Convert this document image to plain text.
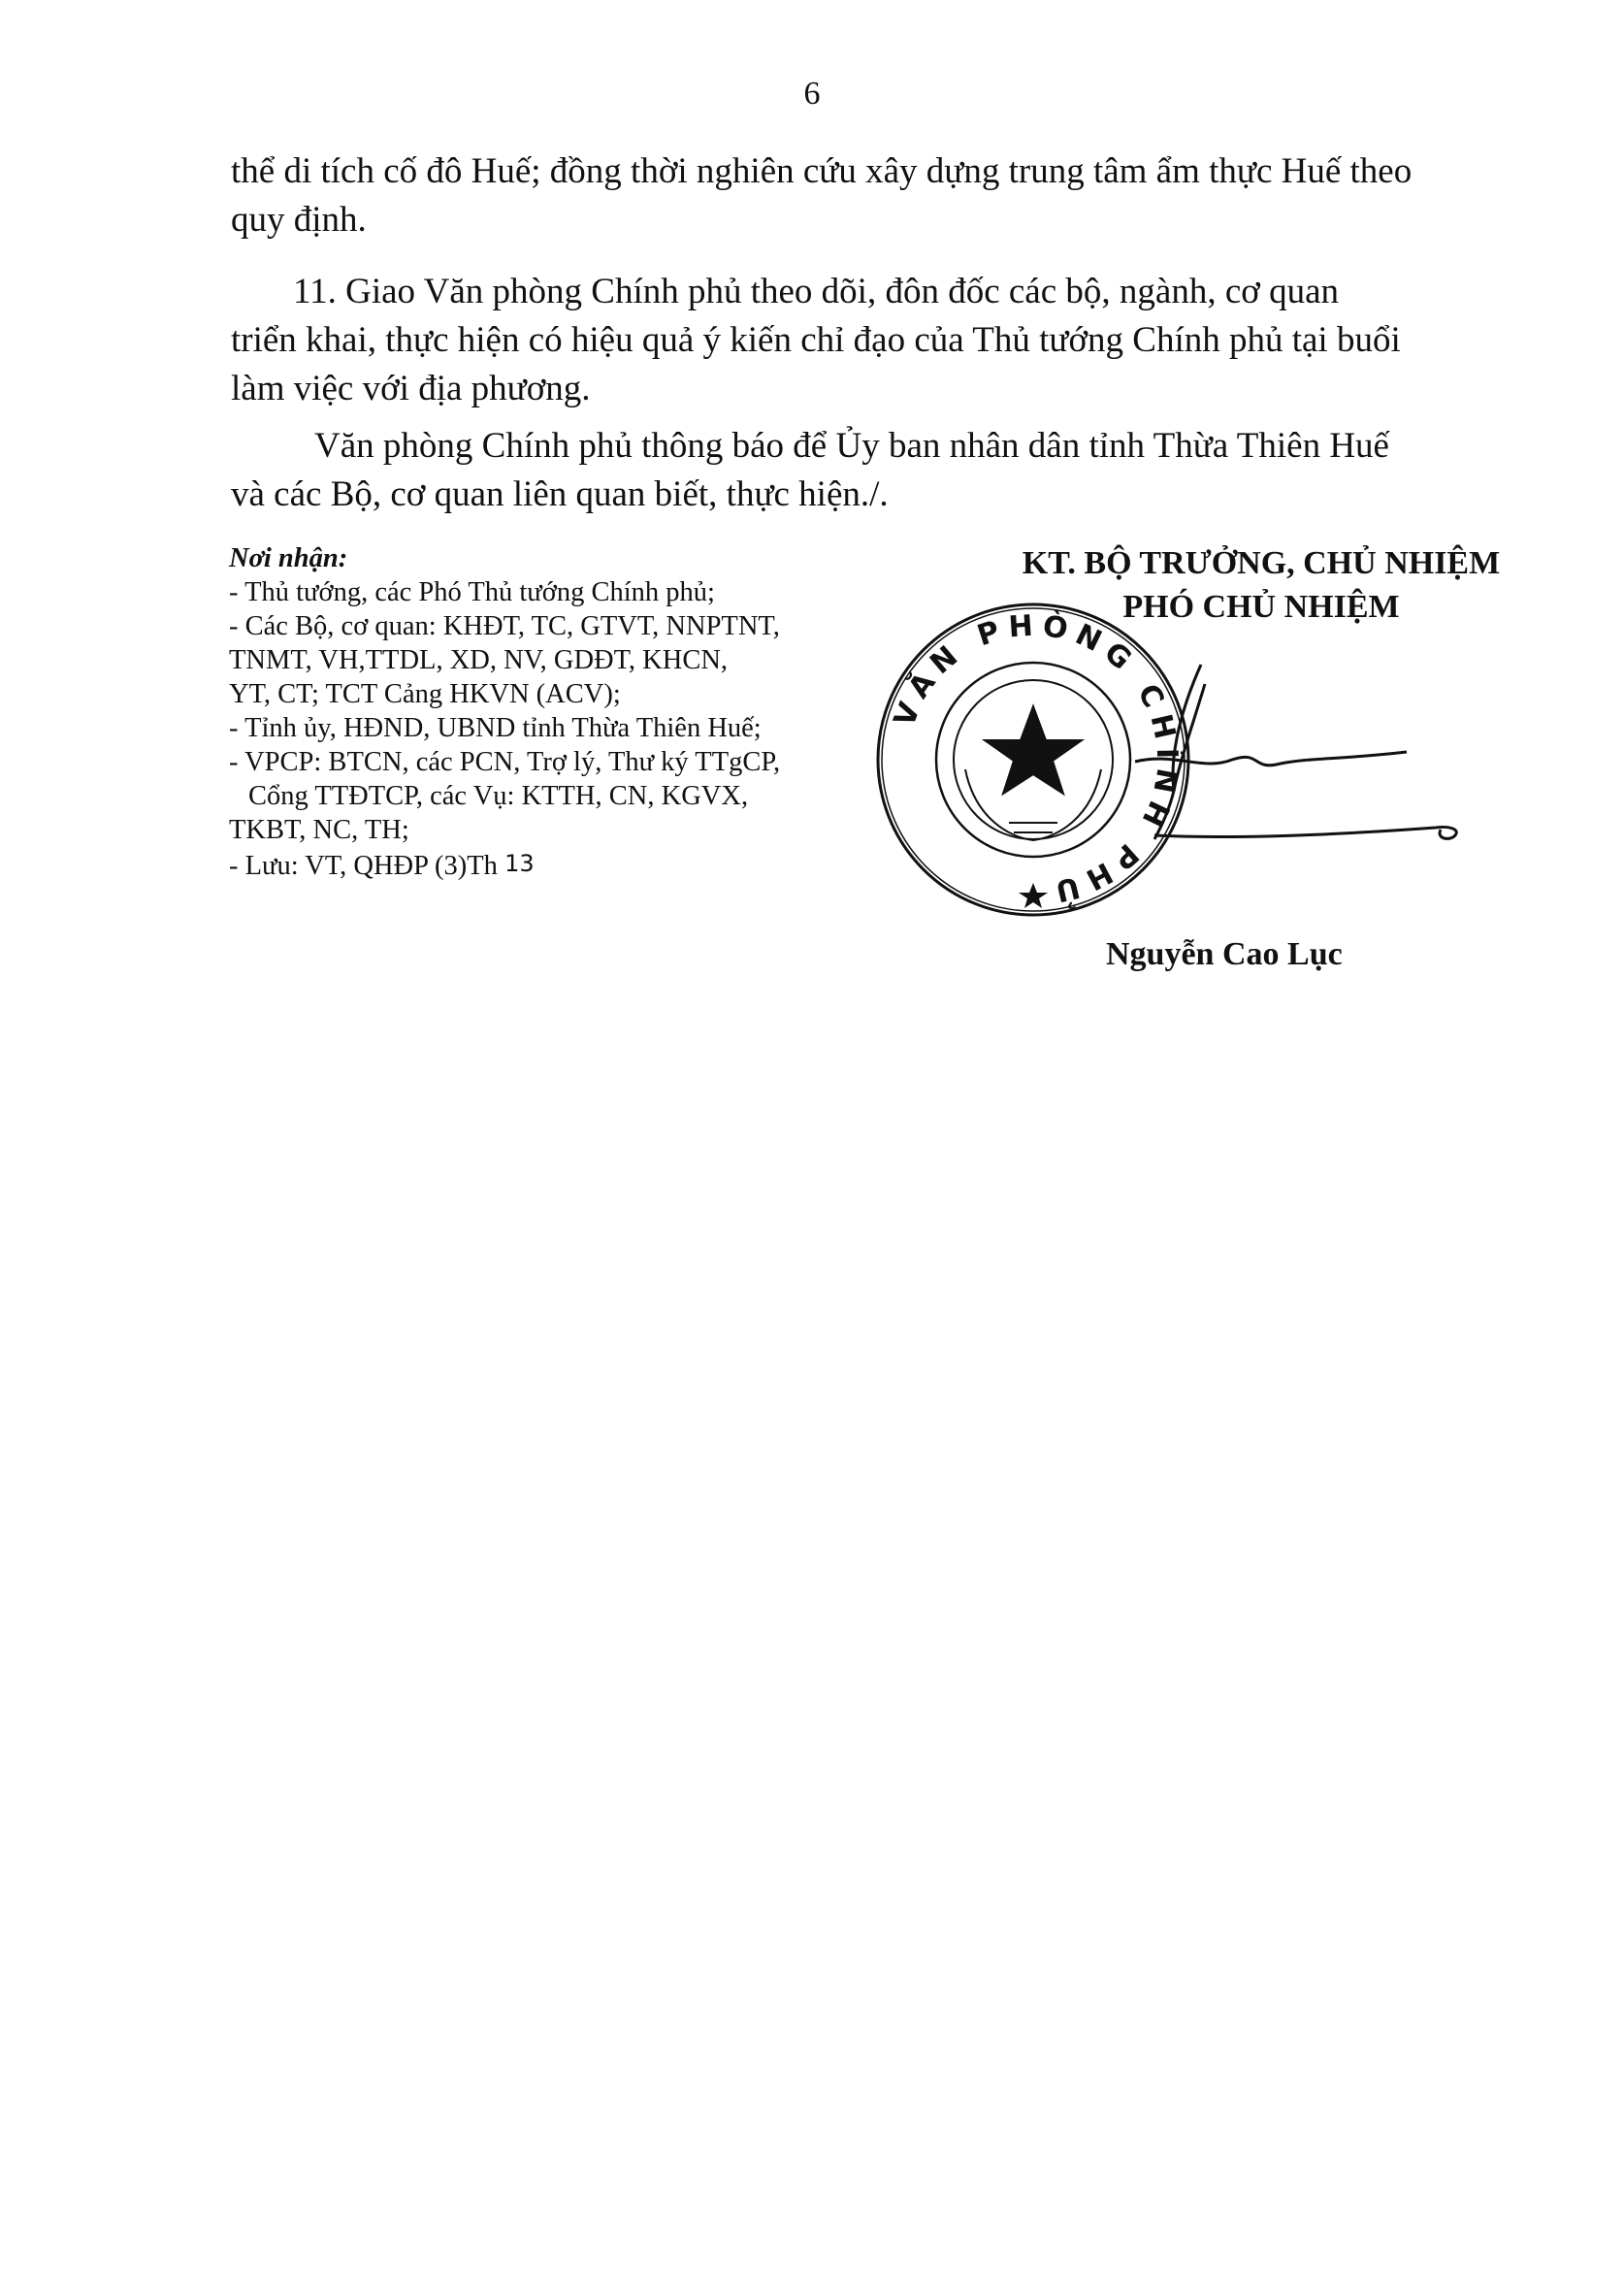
6

thể di tích cố đô Huế; đồng thời nghiên cứu xây dựng trung tâm ẩm thực Huế theo
quy định.

11. Giao Văn phòng Chính phủ theo dõi, đôn đốc các bộ, ngành, cơ quan
triển khai, thực hiện có hiệu quả ý kiến chỉ đạo của Thủ tướng Chính phủ tại buổi
làm việc với địa phương.

Văn phòng Chính phủ thông báo để Ủy ban nhân dân tỉnh Thừa Thiên Huế
và các Bộ, cơ quan liên quan biết, thực hiện./.

Nơi nhận:
- Thủ tướng, các Phó Thủ tướng Chính phủ;
- Các Bộ, cơ quan: KHĐT, TC, GTVT, NNPTNT,
TNMT, VH,TTDL, XD, NV, GDĐT, KHCN,
YT, CT; TCT Cảng HKVN (ACV);
- Tỉnh ủy, HĐND, UBND tỉnh Thừa Thiên Huế;
- VPCP: BTCN, các PCN, Trợ lý, Thư ký TTgCP,
Cổng TTĐTCP, các Vụ: KTTH, CN, KGVX,
TKBT, NC, TH;
- Lưu: VT, QHĐP (3)Th 13
KT. BỘ TRƯỞNG, CHỦ NHIỆM
PHÓ CHỦ NHIỆM
VĂN PHÒNG CHÍNH PHỦ
Nguyễn Cao Lục
